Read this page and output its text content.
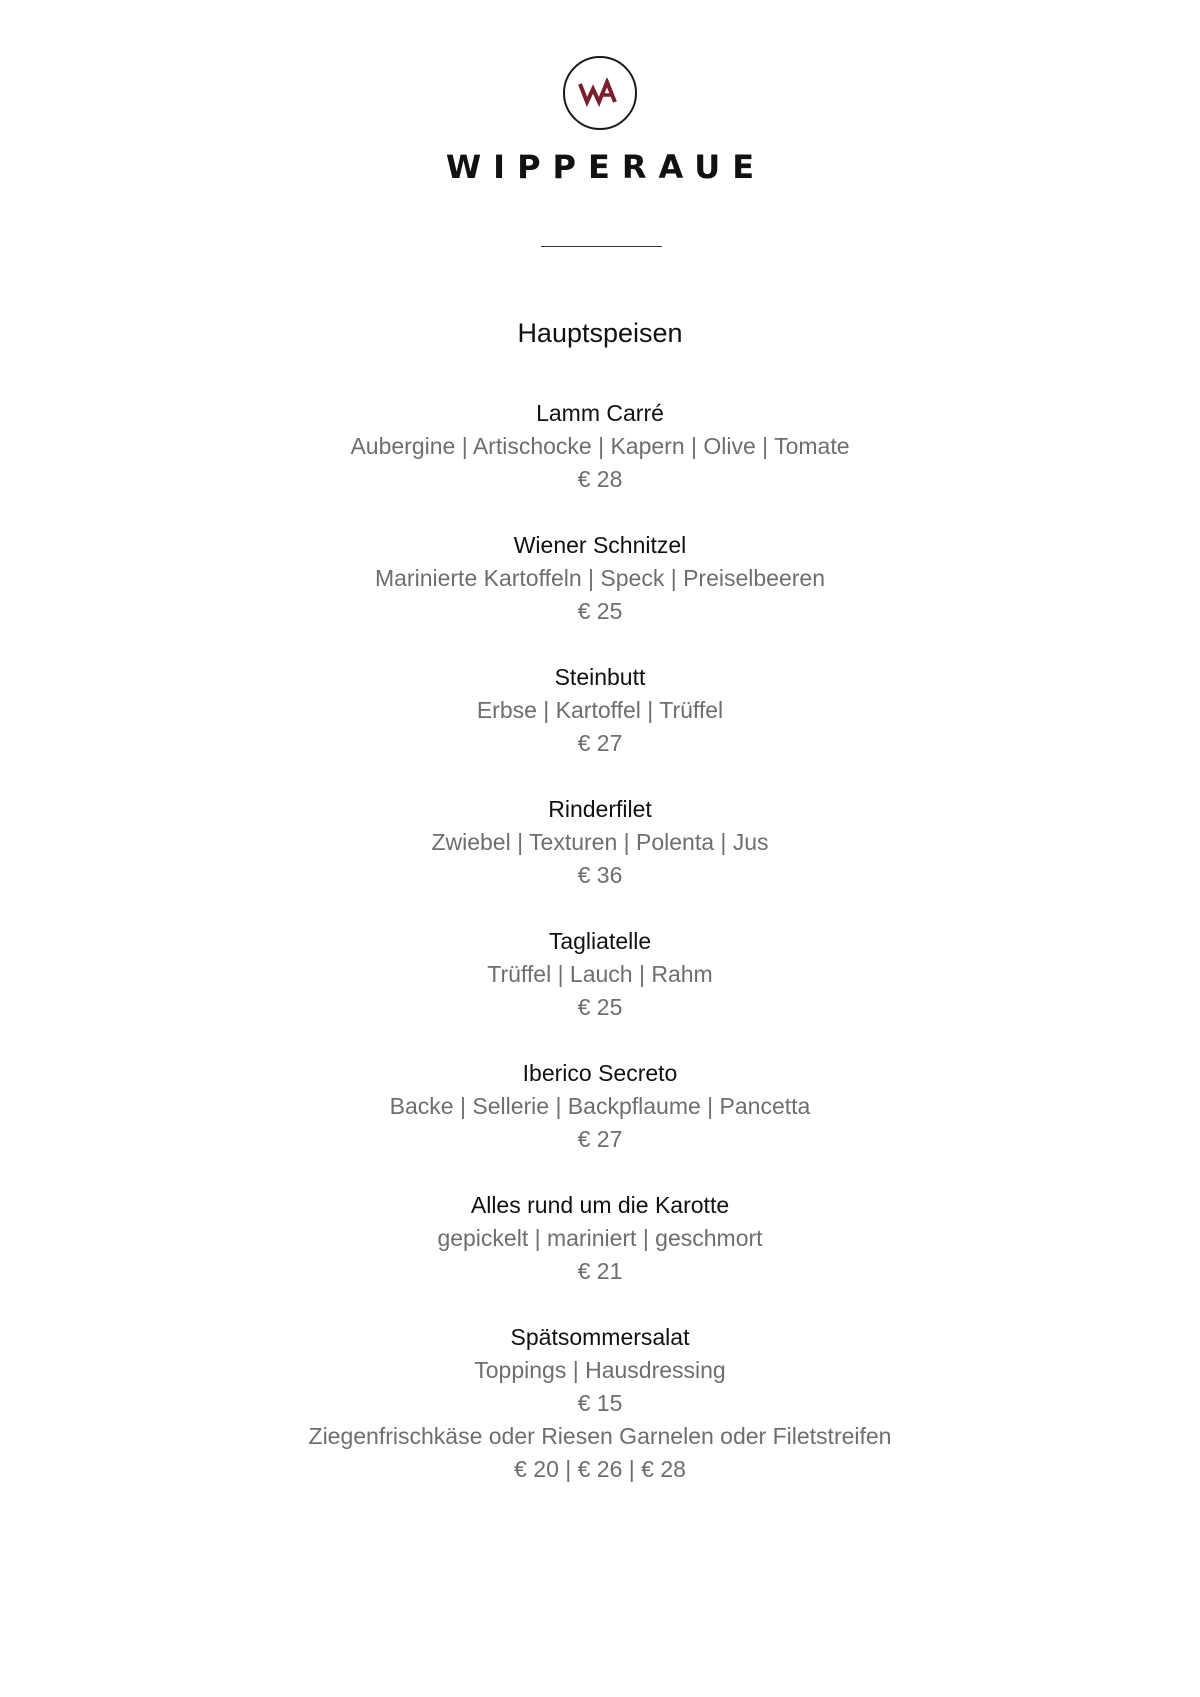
WIPPERAUE
Hauptspeisen
Lamm Carré
Aubergine | Artischocke | Kapern | Olive | Tomate
€ 28
Wiener Schnitzel
Marinierte Kartoffeln | Speck | Preiselbeeren
€ 25
Steinbutt
Erbse | Kartoffel | Trüffel
€ 27
Rinderfilet
Zwiebel | Texturen | Polenta | Jus
€ 36
Tagliatelle
Trüffel | Lauch | Rahm
€ 25
Iberico Secreto
Backe | Sellerie | Backpflaume | Pancetta
€ 27
Alles rund um die Karotte
gepickelt | mariniert | geschmort
€ 21
Spätsommersalat
Toppings | Hausdressing
€ 15
Ziegenfrischkäse oder Riesen Garnelen oder Filetstreifen
€ 20 | € 26 | € 28
